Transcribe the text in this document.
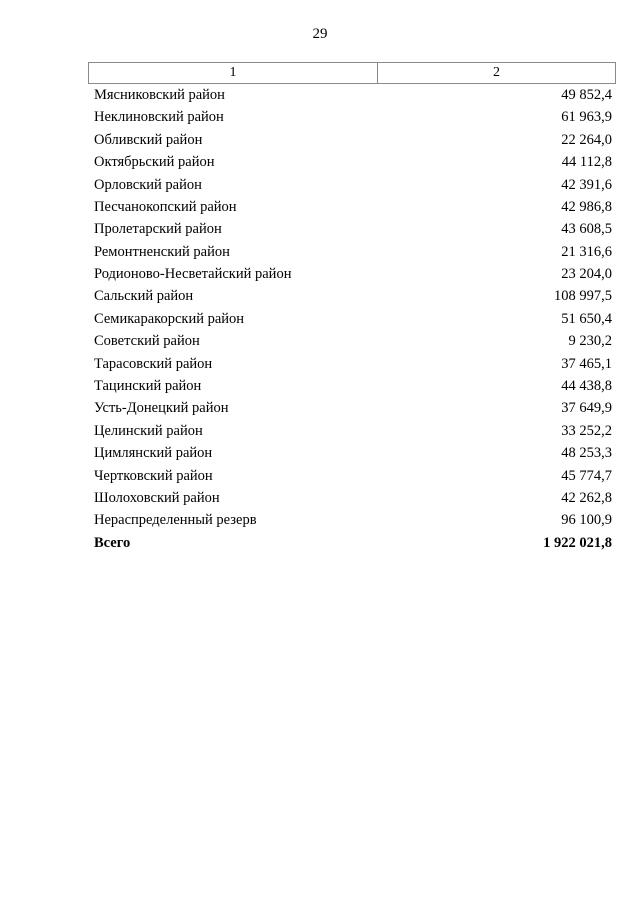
29
1	2
Мясниковский район	49 852,4
Неклиновский район	61 963,9
Обливский район	22 264,0
Октябрьский район	44 112,8
Орловский район	42 391,6
Песчанокопский район	42 986,8
Пролетарский район	43 608,5
Ремонтненский район	21 316,6
Родионово-Несветайский район	23 204,0
Сальский район	108 997,5
Семикаракорский район	51 650,4
Советский район	9 230,2
Тарасовский район	37 465,1
Тацинский район	44 438,8
Усть-Донецкий район	37 649,9
Целинский район	33 252,2
Цимлянский район	48 253,3
Чертковский район	45 774,7
Шолоховский район	42 262,8
Нераспределенный резерв	96 100,9
Всего	1 922 021,8
